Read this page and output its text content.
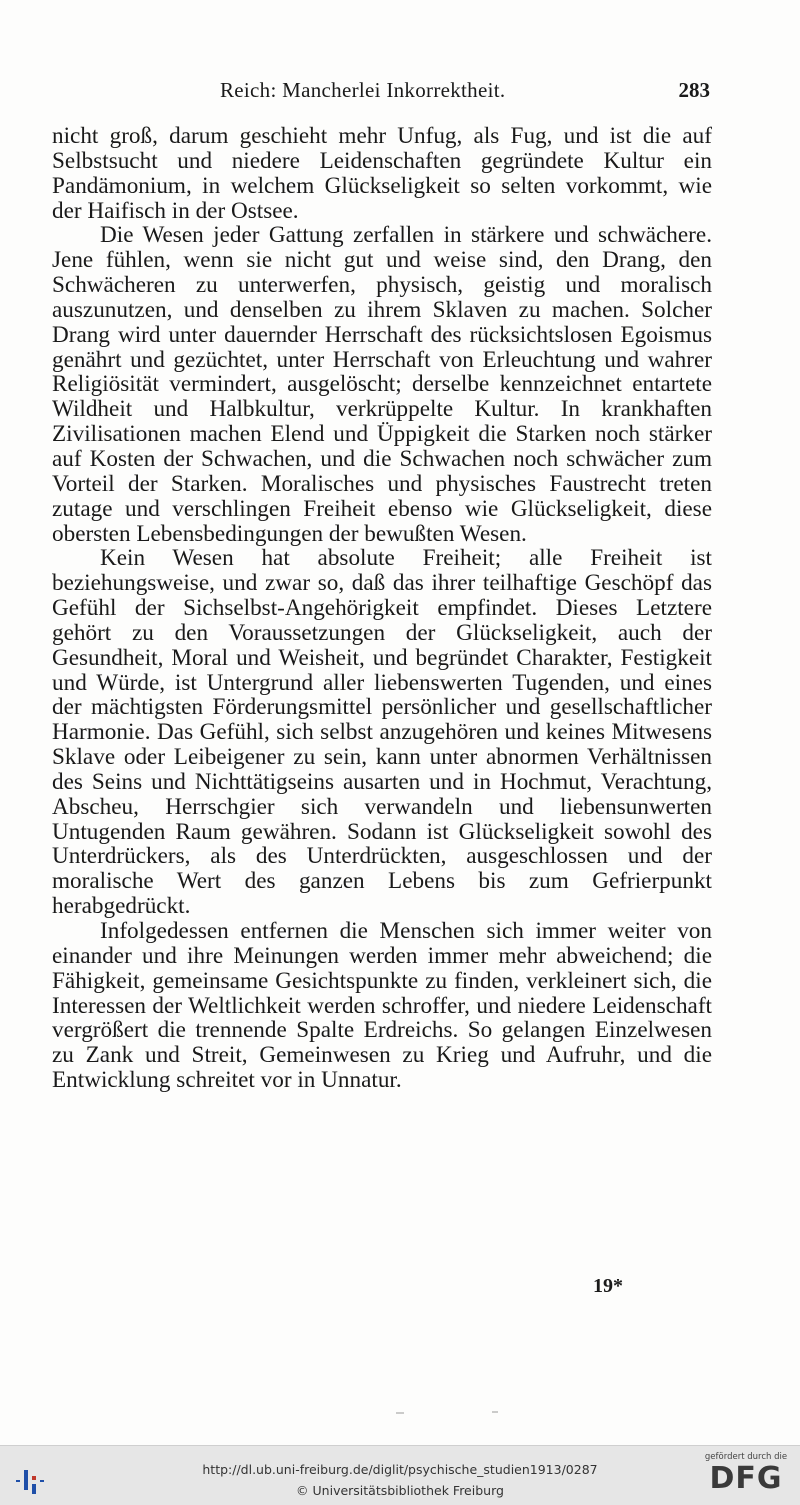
Reich: Mancherlei Inkorrektheit.	283

nicht groß, darum geschieht mehr Unfug, als Fug, und ist die auf Selbstsucht und niedere Leidenschaften gegründete Kultur ein Pandämonium, in welchem Glückseligkeit so selten vorkommt, wie der Haifisch in der Ostsee.

Die Wesen jeder Gattung zerfallen in stärkere und schwächere. Jene fühlen, wenn sie nicht gut und weise sind, den Drang, den Schwächeren zu unterwerfen, physisch, geistig und moralisch auszunutzen, und denselben zu ihrem Sklaven zu machen. Solcher Drang wird unter dauernder Herrschaft des rücksichtslosen Egoismus genährt und gezüchtet, unter Herrschaft von Erleuchtung und wahrer Religiösität vermindert, ausgelöscht; derselbe kennzeichnet entartete Wildheit und Halbkultur, verkrüppelte Kultur. In krankhaften Zivilisationen machen Elend und Üppigkeit die Starken noch stärker auf Kosten der Schwachen, und die Schwachen noch schwächer zum Vorteil der Starken. Moralisches und physisches Faustrecht treten zutage und verschlingen Freiheit ebenso wie Glückseligkeit, diese obersten Lebensbedingungen der bewußten Wesen.

Kein Wesen hat absolute Freiheit; alle Freiheit ist beziehungsweise, und zwar so, daß das ihrer teilhaftige Geschöpf das Gefühl der Sichselbst-Angehörigkeit empfindet. Dieses Letztere gehört zu den Voraussetzungen der Glückseligkeit, auch der Gesundheit, Moral und Weisheit, und begründet Charakter, Festigkeit und Würde, ist Untergrund aller liebenswerten Tugenden, und eines der mächtigsten Förderungsmittel persönlicher und gesellschaftlicher Harmonie. Das Gefühl, sich selbst anzugehören und keines Mitwesens Sklave oder Leibeigener zu sein, kann unter abnormen Verhältnissen des Seins und Nichttätigseins ausarten und in Hochmut, Verachtung, Abscheu, Herrschgier sich verwandeln und liebensunwerten Untugenden Raum gewähren. Sodann ist Glückseligkeit sowohl des Unterdrückers, als des Unterdrückten, ausgeschlossen und der moralische Wert des ganzen Lebens bis zum Gefrierpunkt herabgedrückt.

Infolgedessen entfernen die Menschen sich immer weiter von einander und ihre Meinungen werden immer mehr abweichend; die Fähigkeit, gemeinsame Gesichtspunkte zu finden, verkleinert sich, die Interessen der Weltlichkeit werden schroffer, und niedere Leidenschaft vergrößert die trennende Spalte Erdreichs. So gelangen Einzelwesen zu Zank und Streit, Gemeinwesen zu Krieg und Aufruhr, und die Entwicklung schreitet vor in Unnatur.

19*
http://dl.ub.uni-freiburg.de/diglit/psychische_studien1913/0287
© Universitätsbibliothek Freiburg
gefördert durch die
DFG
